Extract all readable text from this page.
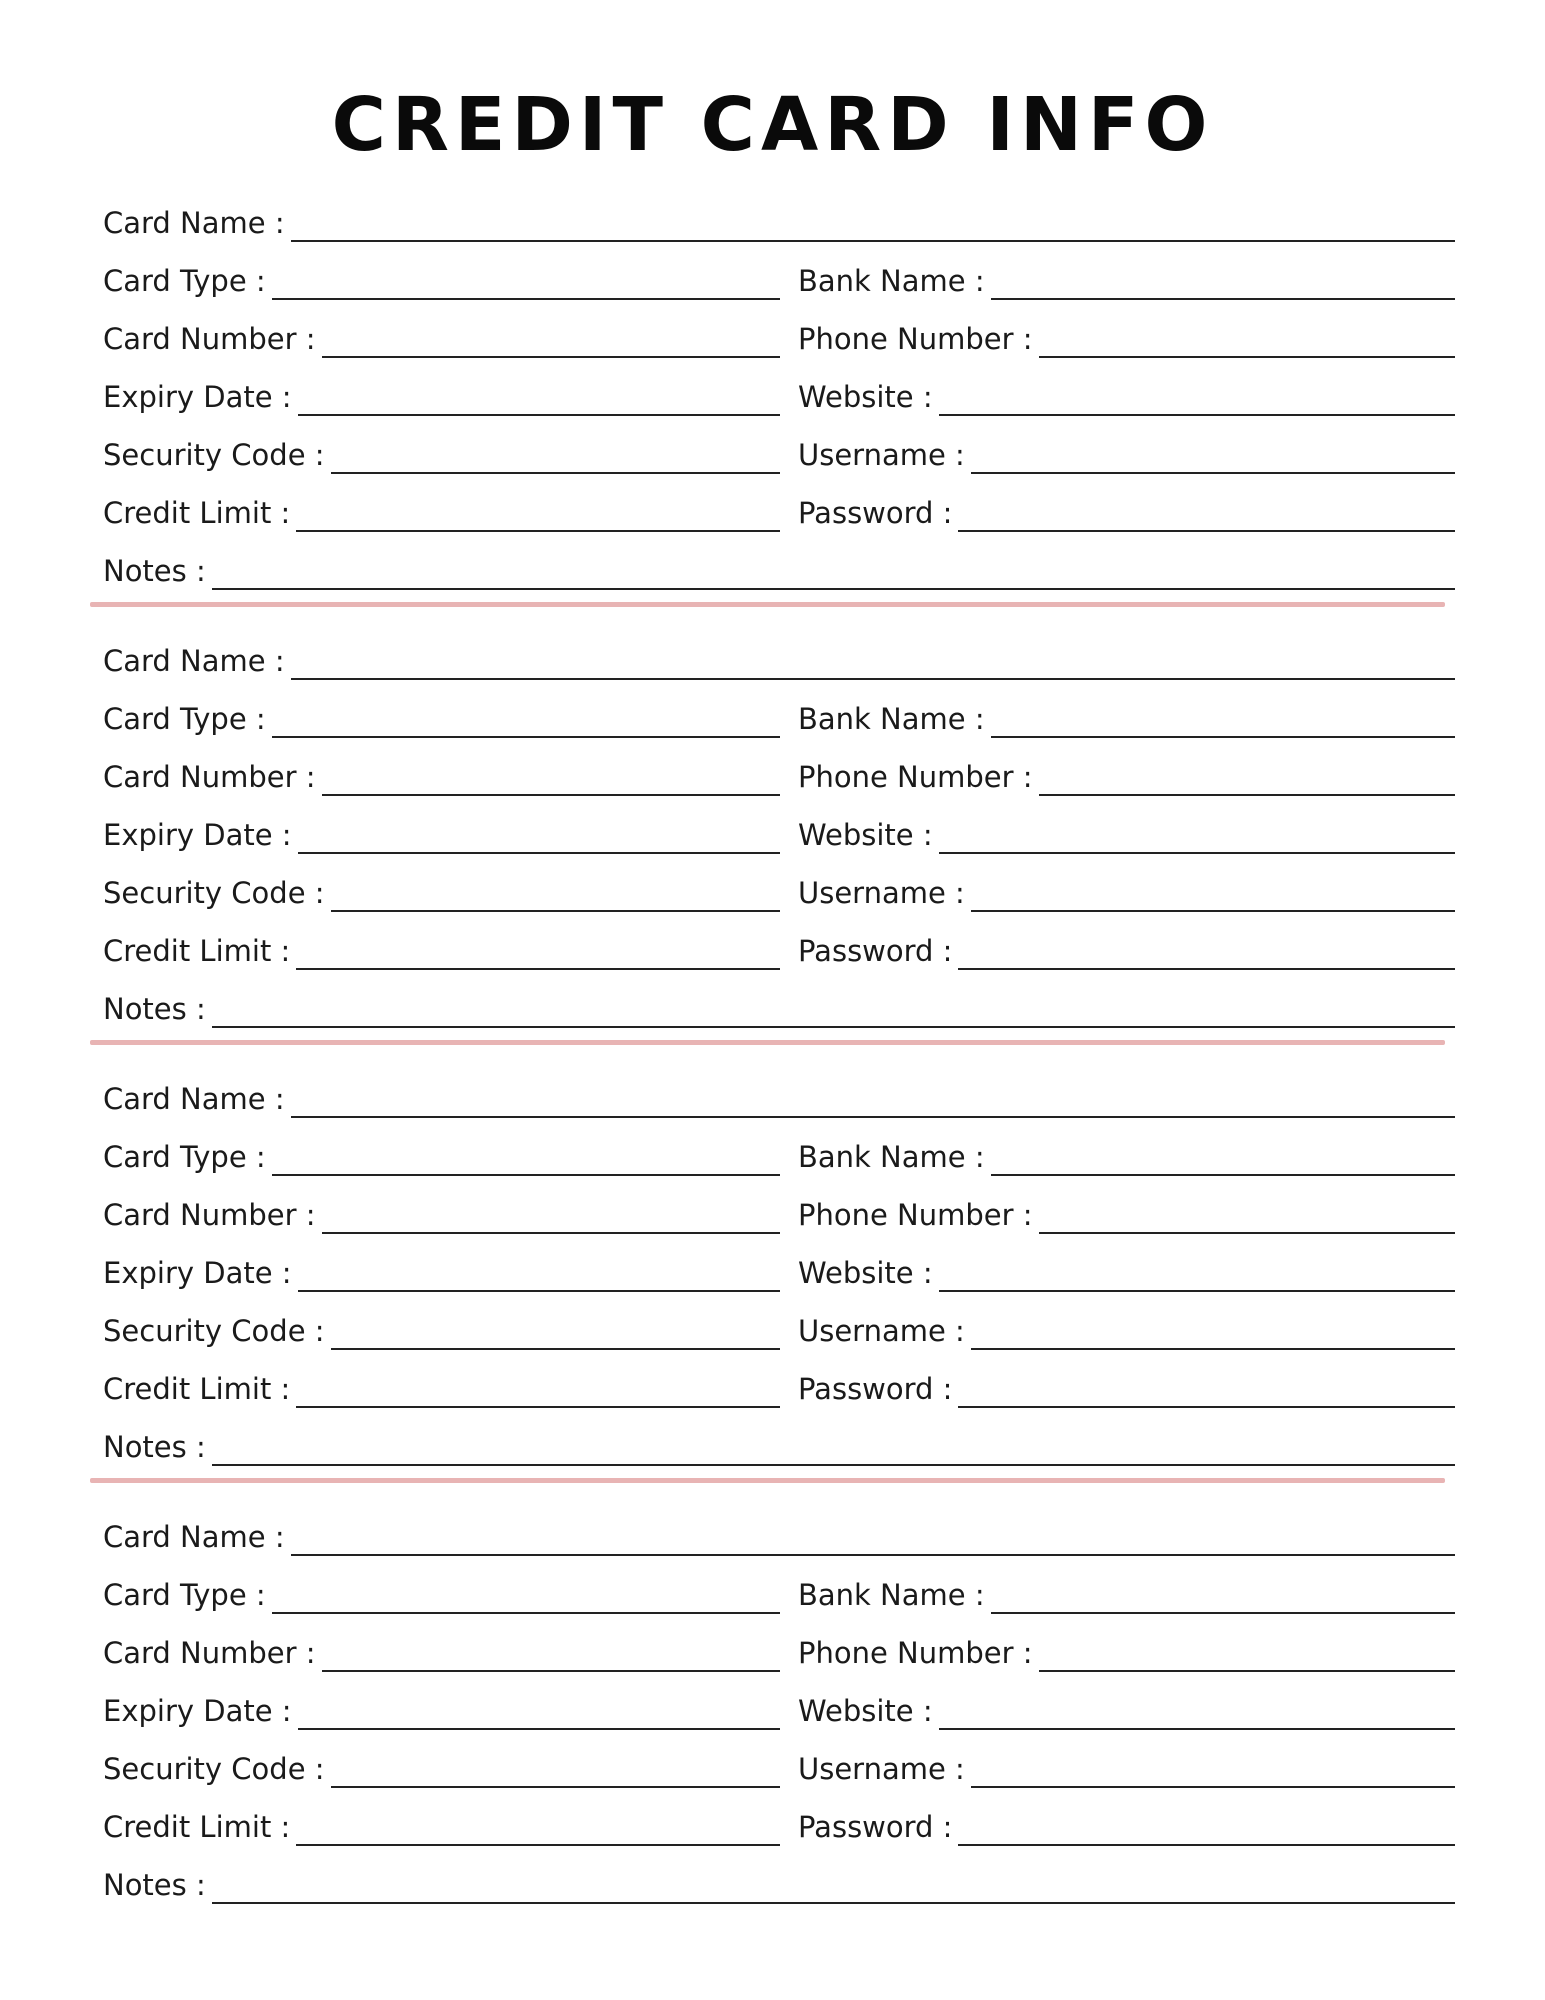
CREDIT CARD INFO
Card Name :
Card Type :	Bank Name :
Card Number :	Phone Number :
Expiry Date :	Website :
Security Code :	Username :
Credit Limit :	Password :
Notes :
Card Name :
Card Type :	Bank Name :
Card Number :	Phone Number :
Expiry Date :	Website :
Security Code :	Username :
Credit Limit :	Password :
Notes :
Card Name :
Card Type :	Bank Name :
Card Number :	Phone Number :
Expiry Date :	Website :
Security Code :	Username :
Credit Limit :	Password :
Notes :
Card Name :
Card Type :	Bank Name :
Card Number :	Phone Number :
Expiry Date :	Website :
Security Code :	Username :
Credit Limit :	Password :
Notes :
